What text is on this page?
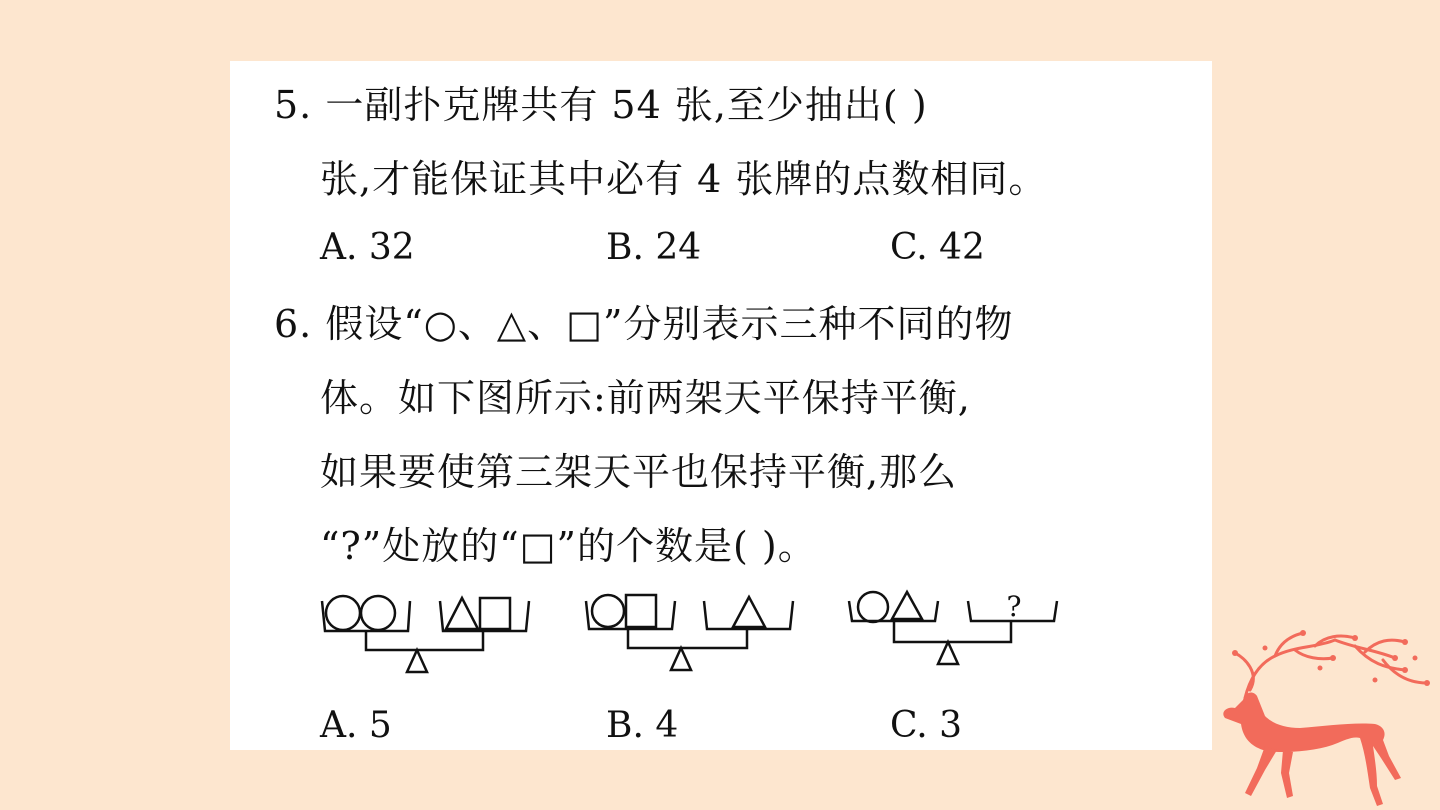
5. 一副扑克牌共有 54 张,至少抽出( )
张,才能保证其中必有 4 张牌的点数相同。
A. 32	B. 24	C. 42
6. 假设“○、△、□”分别表示三种不同的物
体。如下图所示:前两架天平保持平衡,
如果要使第三架天平也保持平衡,那么
“?”处放的“□”的个数是( )。
?
A. 5	B. 4	C. 3
